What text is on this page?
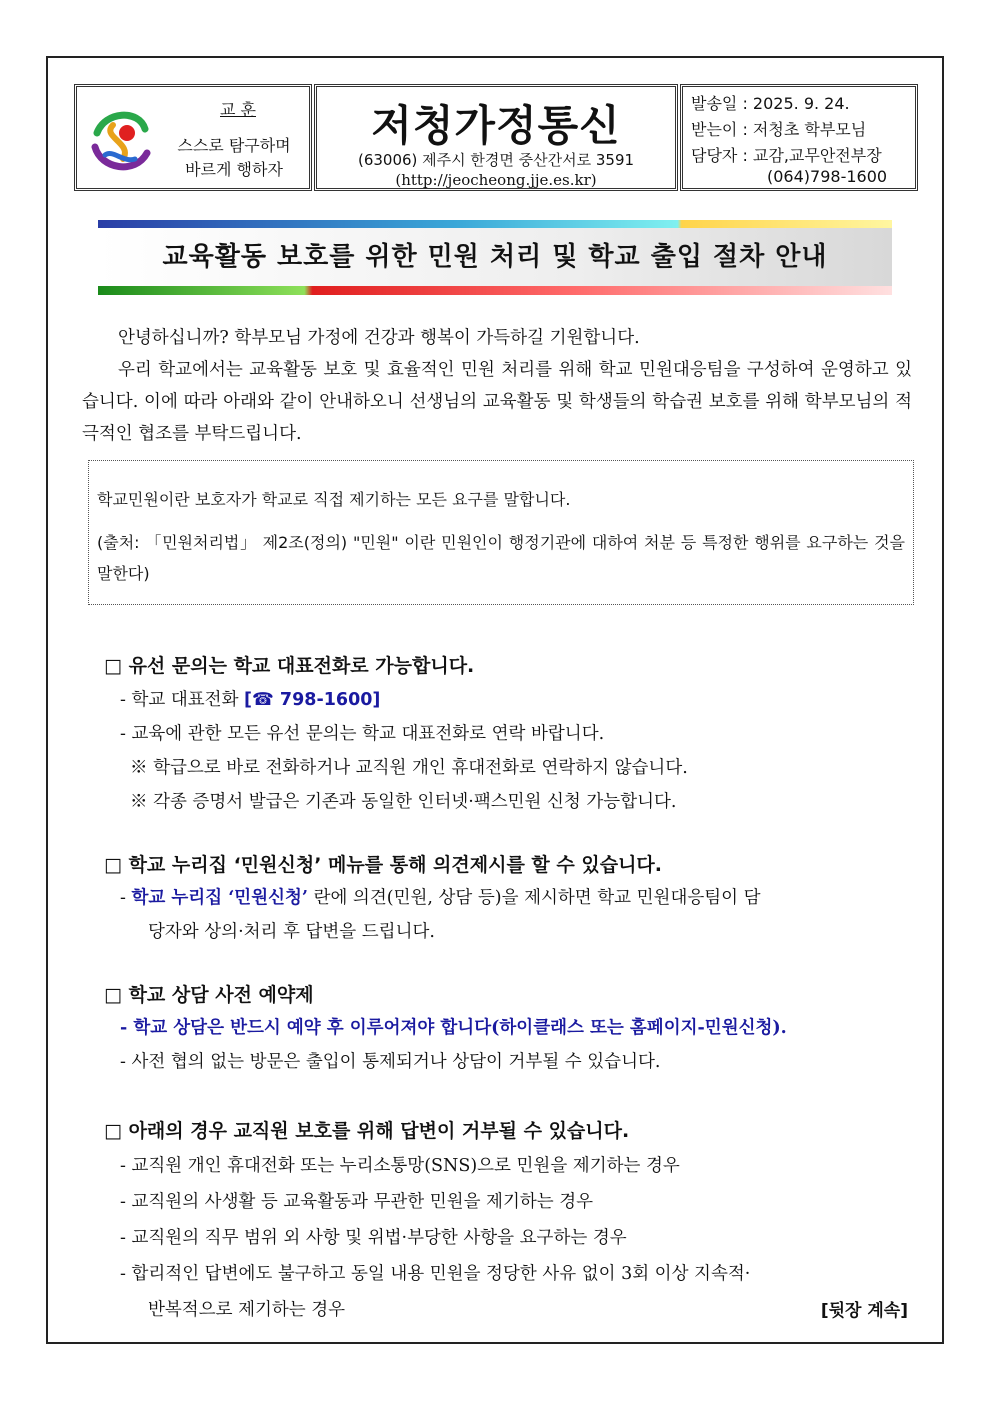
교 훈
스스로 탐구하며
바르게 행하자
저청가정통신
(63006) 제주시 한경면 중산간서로 3591
(http://jeocheong.jje.es.kr)
발송일 : 2025. 9. 24.
받는이 : 저청초 학부모님
담당자 : 교감,교무안전부장
(064)798-1600
교육활동 보호를 위한 민원 처리 및 학교 출입 절차 안내

안녕하십니까? 학부모님 가정에 건강과 행복이 가득하길 기원합니다.

우리 학교에서는 교육활동 보호 및 효율적인 민원 처리를 위해 학교 민원대응팀을 구성하여 운영하고 있습니다. 이에 따라 아래와 같이 안내하오니 선생님의 교육활동 및 학생들의 학습권 보호를 위해 학부모님의 적극적인 협조를 부탁드립니다.

학교민원이란 보호자가 학교로 직접 제기하는 모든 요구를 말합니다.

(출처: 「민원처리법」 제2조(정의) "민원" 이란 민원인이 행정기관에 대하여 처분 등 특정한 행위를 요구하는 것을 말한다)

□ 유선 문의는 학교 대표전화로 가능합니다.

- 학교 대표전화 [☎ 798-1600]

- 교육에 관한 모든 유선 문의는 학교 대표전화로 연락 바랍니다.

※ 학급으로 바로 전화하거나 교직원 개인 휴대전화로 연락하지 않습니다.

※ 각종 증명서 발급은 기존과 동일한 인터넷·팩스민원 신청 가능합니다.

□ 학교 누리집 ‘민원신청’ 메뉴를 통해 의견제시를 할 수 있습니다.

- 학교 누리집 ‘민원신청’ 란에 의견(민원, 상담 등)을 제시하면 학교 민원대응팀이 담

당자와 상의·처리 후 답변을 드립니다.

□ 학교 상담 사전 예약제

- 학교 상담은 반드시 예약 후 이루어져야 합니다(하이클래스 또는 홈페이지-민원신청).

- 사전 협의 없는 방문은 출입이 통제되거나 상담이 거부될 수 있습니다.

□ 아래의 경우 교직원 보호를 위해 답변이 거부될 수 있습니다.

- 교직원 개인 휴대전화 또는 누리소통망(SNS)으로 민원을 제기하는 경우

- 교직원의 사생활 등 교육활동과 무관한 민원을 제기하는 경우

- 교직원의 직무 범위 외 사항 및 위법·부당한 사항을 요구하는 경우

- 합리적인 답변에도 불구하고 동일 내용 민원을 정당한 사유 없이 3회 이상 지속적·

반복적으로 제기하는 경우	[뒷장 계속]
